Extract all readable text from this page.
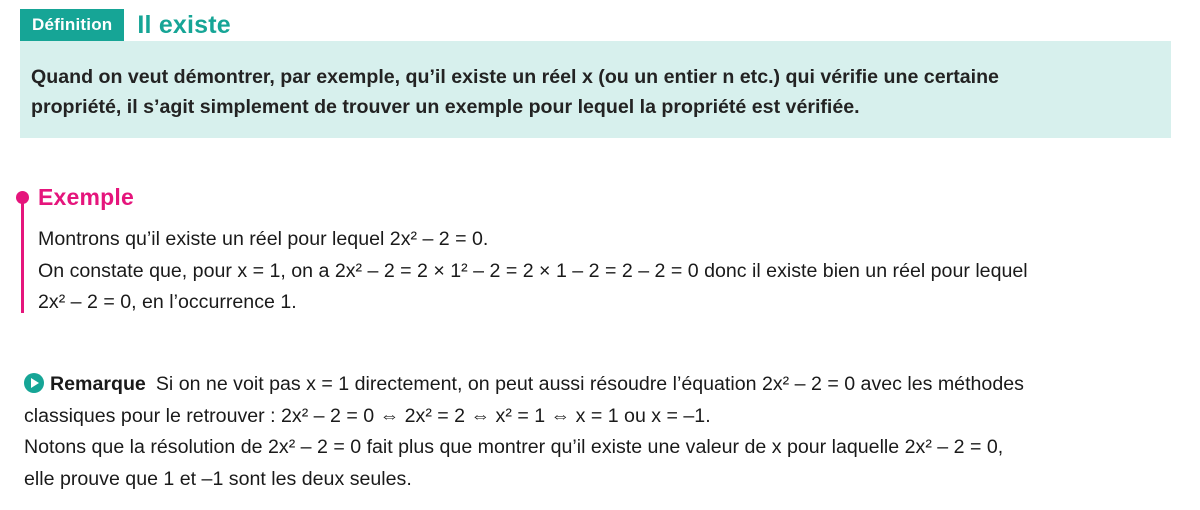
Définition	Il existe
Quand on veut démontrer, par exemple, qu’il existe un réel x (ou un entier n etc.) qui vérifie une certaine
propriété, il s’agit simplement de trouver un exemple pour lequel la propriété est vérifiée.
Exemple
Montrons qu’il existe un réel pour lequel 2x² – 2 = 0.
On constate que, pour x = 1, on a 2x² – 2 = 2 × 1² – 2 = 2 × 1 – 2 = 2 – 2 = 0 donc il existe bien un réel pour lequel
2x² – 2 = 0, en l’occurrence 1.
Remarque Si on ne voit pas x = 1 directement, on peut aussi résoudre l’équation 2x² – 2 = 0 avec les méthodes
classiques pour le retrouver : 2x² – 2 = 0 ⇔ 2x² = 2 ⇔ x² = 1 ⇔ x = 1 ou x = –1.
Notons que la résolution de 2x² – 2 = 0 fait plus que montrer qu’il existe une valeur de x pour laquelle 2x² – 2 = 0,
elle prouve que 1 et –1 sont les deux seules.
